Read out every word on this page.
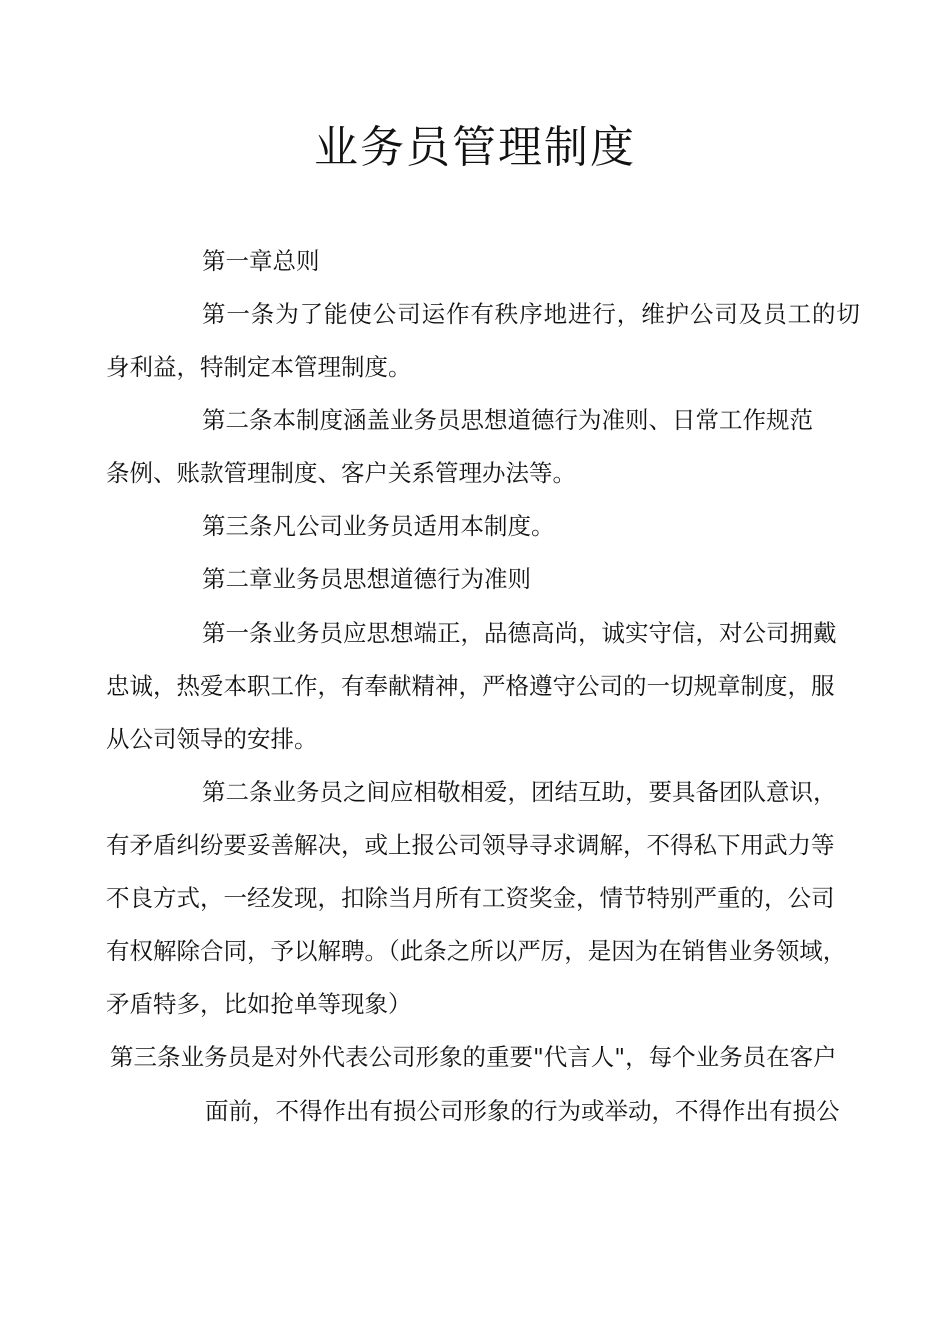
业务员管理制度
第一章总则
第一条为了能使公司运作有秩序地进行，维护公司及员工的切
身利益，特制定本管理制度。
第二条本制度涵盖业务员思想道德行为准则、日常工作规范
条例、账款管理制度、客户关系管理办法等。
第三条凡公司业务员适用本制度。
第二章业务员思想道德行为准则
第一条业务员应思想端正，品德高尚，诚实守信，对公司拥戴
忠诚，热爱本职工作，有奉献精神，严格遵守公司的一切规章制度，服
从公司领导的安排。
第二条业务员之间应相敬相爱，团结互助，要具备团队意识，
有矛盾纠纷要妥善解决，或上报公司领导寻求调解，不得私下用武力等
不良方式，一经发现，扣除当月所有工资奖金，情节特别严重的，公司
有权解除合同，予以解聘。（此条之所以严厉，是因为在销售业务领域，
矛盾特多，比如抢单等现象）
第三条业务员是对外代表公司形象的重要"代言人"，每个业务员在客户
面前，不得作出有损公司形象的行为或举动，不得作出有损公
